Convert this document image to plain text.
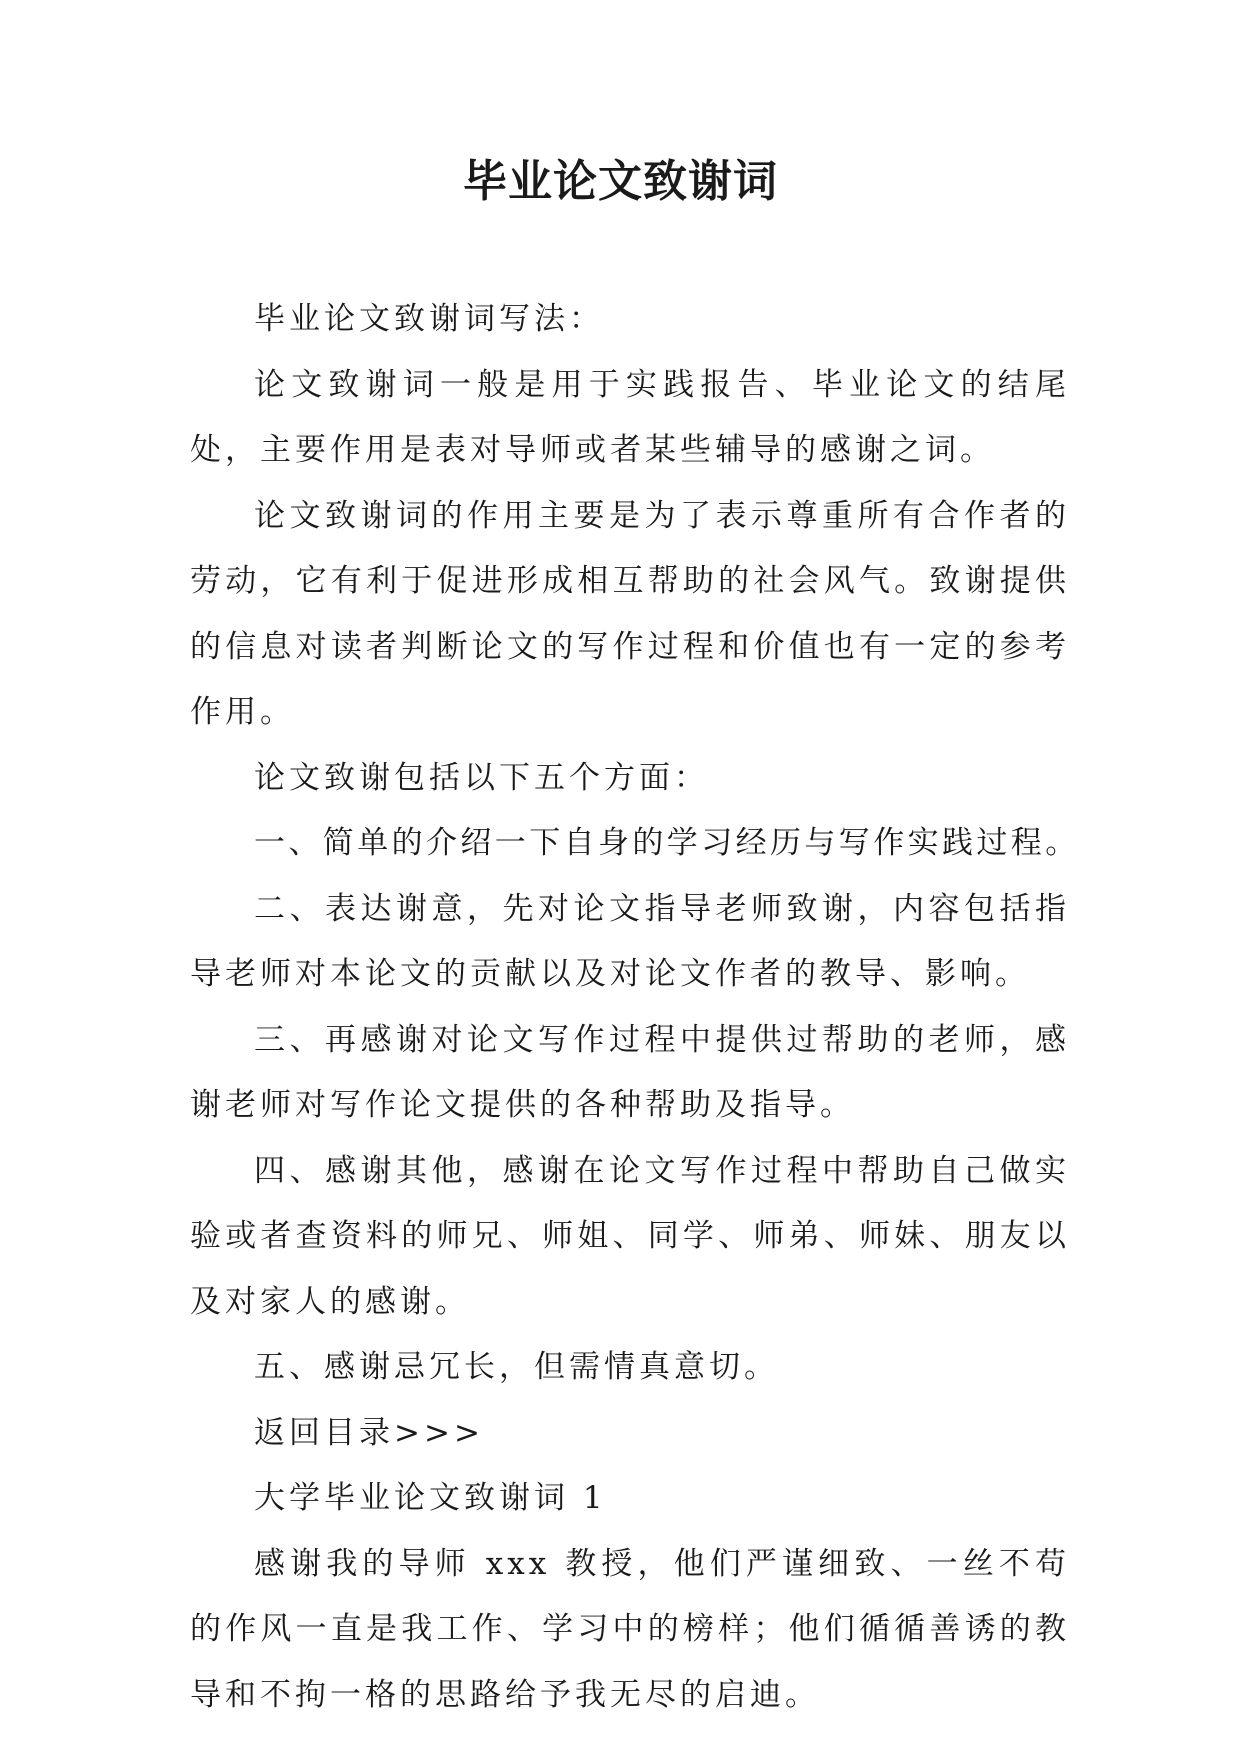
毕业论文致谢词

毕业论文致谢词写法：

论文致谢词一般是用于实践报告、毕业论文的结尾处，主要作用是表对导师或者某些辅导的感谢之词。

论文致谢词的作用主要是为了表示尊重所有合作者的劳动，它有利于促进形成相互帮助的社会风气。致谢提供的信息对读者判断论文的写作过程和价值也有一定的参考作用。

论文致谢包括以下五个方面：

一、简单的介绍一下自身的学习经历与写作实践过程。

二、表达谢意，先对论文指导老师致谢，内容包括指导老师对本论文的贡献以及对论文作者的教导、影响。

三、再感谢对论文写作过程中提供过帮助的老师，感谢老师对写作论文提供的各种帮助及指导。

四、感谢其他，感谢在论文写作过程中帮助自己做实验或者查资料的师兄、师姐、同学、师弟、师妹、朋友以及对家人的感谢。

五、感谢忌冗长，但需情真意切。

返回目录>>>

大学毕业论文致谢词 1

感谢我的导师 xxx 教授，他们严谨细致、一丝不苟的作风一直是我工作、学习中的榜样；他们循循善诱的教导和不拘一格的思路给予我无尽的启迪。
